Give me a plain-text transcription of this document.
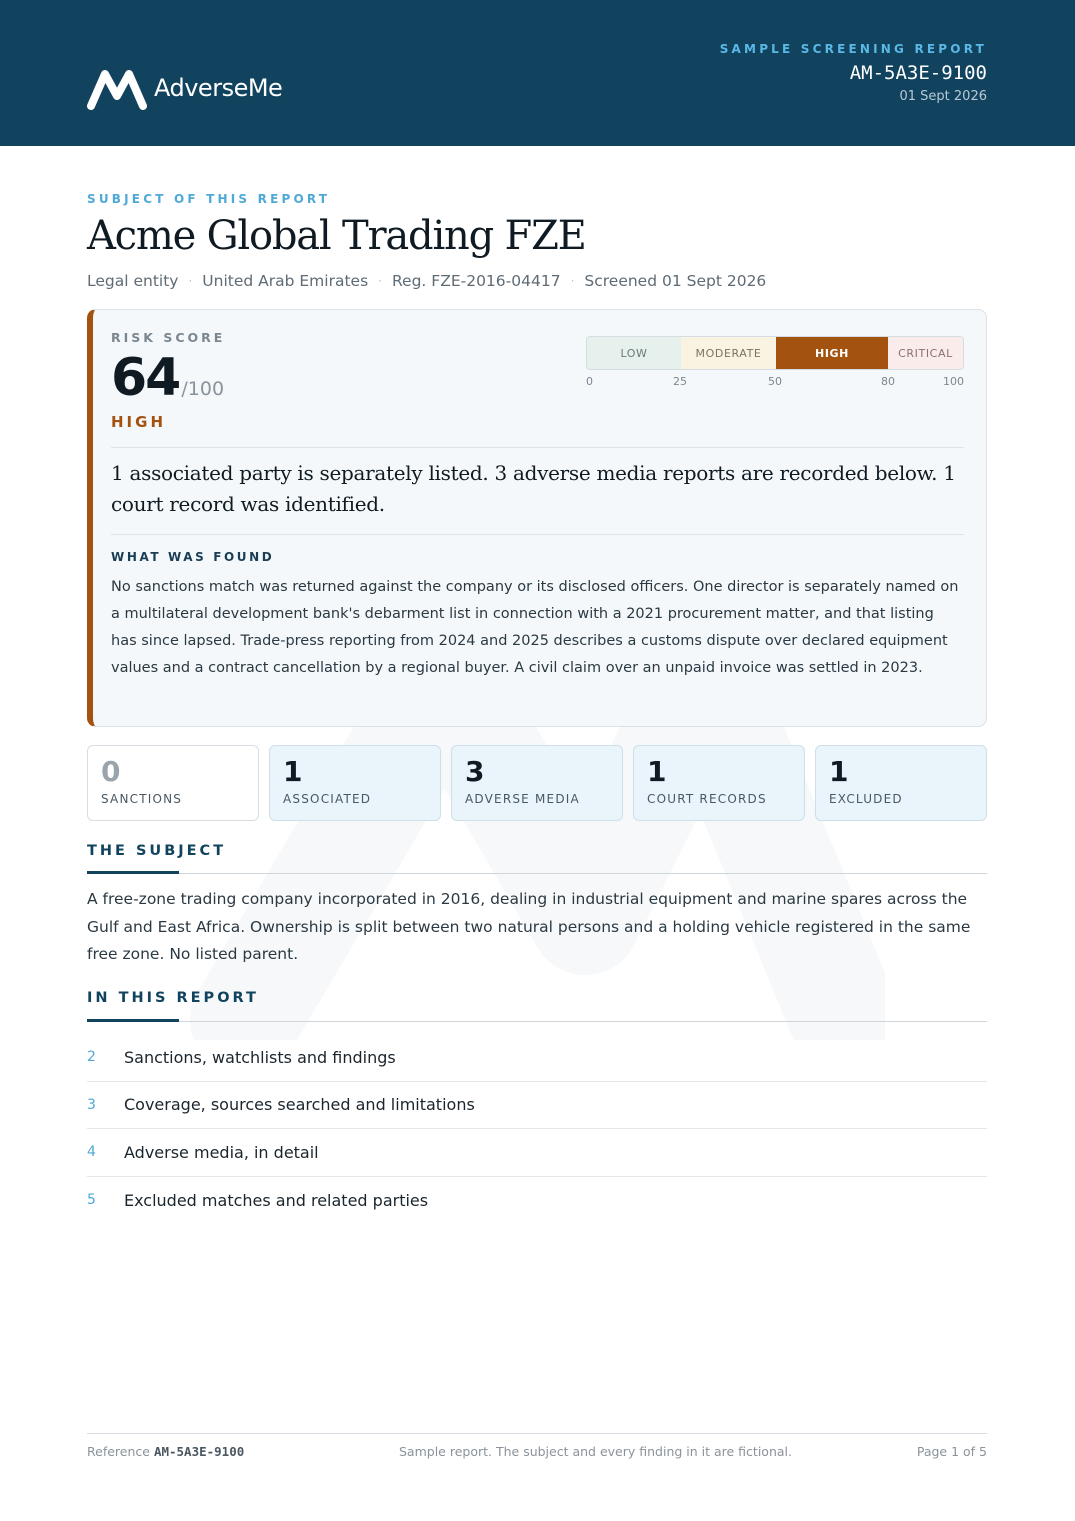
AdverseMe
SAMPLE SCREENING REPORT
AM-5A3E-9100
01 Sept 2026
SUBJECT OF THIS REPORT
Acme Global Trading FZE
Legal entity · United Arab Emirates · Reg. FZE-2016-04417 · Screened 01 Sept 2026
RISK SCORE
64 /100
HIGH
LOW	MODERATE	HIGH	CRITICAL
0	25	50	80	100
1 associated party is separately listed. 3 adverse media reports are recorded below. 1 court record was identified.
WHAT WAS FOUND
No sanctions match was returned against the company or its disclosed officers. One director is separately named on a multilateral development bank's debarment list in connection with a 2021 procurement matter, and that listing has since lapsed. Trade-press reporting from 2024 and 2025 describes a customs dispute over declared equipment values and a contract cancellation by a regional buyer. A civil claim over an unpaid invoice was settled in 2023.
0
SANCTIONS
1
ASSOCIATED
3
ADVERSE MEDIA
1
COURT RECORDS
1
EXCLUDED
THE SUBJECT
A free-zone trading company incorporated in 2016, dealing in industrial equipment and marine spares across the Gulf and East Africa. Ownership is split between two natural persons and a holding vehicle registered in the same free zone. No listed parent.
IN THIS REPORT
2	Sanctions, watchlists and findings
3	Coverage, sources searched and limitations
4	Adverse media, in detail
5	Excluded matches and related parties
Reference AM-5A3E-9100	Sample report. The subject and every finding in it are fictional.	Page 1 of 5
